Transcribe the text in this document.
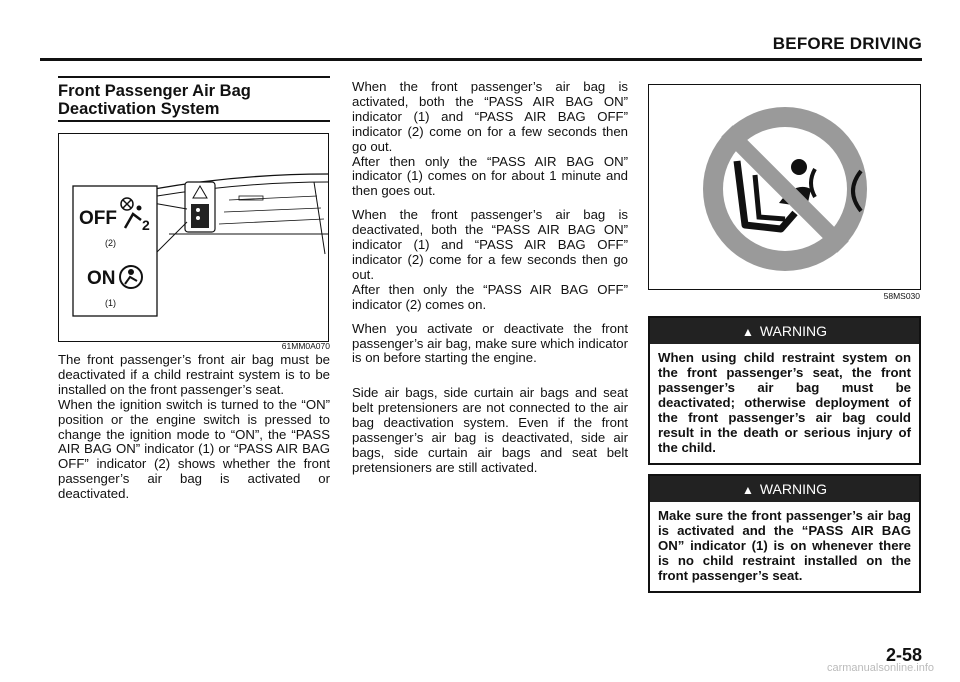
BEFORE DRIVING
Front Passenger Air Bag
Deactivation System
OFF 2
(2)
ON
(1)
61MM0A070

The front passenger’s front air bag must be deactivated if a child restraint system is to be installed on the front passenger’s seat.

When the ignition switch is turned to the “ON” position or the engine switch is pressed to change the ignition mode to “ON”, the “PASS AIR BAG ON” indicator (1) or “PASS AIR BAG OFF” indicator (2) shows whether the front passenger’s air bag is activated or deactivated.

When the front passenger’s air bag is activated, both the “PASS AIR BAG ON” indicator (1) and “PASS AIR BAG OFF” indicator (2) come on for a few seconds then go out.
After then only the “PASS AIR BAG ON” indicator (1) comes on for about 1 minute and then goes out.

When the front passenger’s air bag is deactivated, both the “PASS AIR BAG ON” indicator (1) and “PASS AIR BAG OFF” indicator (2) come for a few seconds then go out.
After then only the “PASS AIR BAG OFF” indicator (2) comes on.

When you activate or deactivate the front passenger’s air bag, make sure which indicator is on before starting the engine.

Side air bags, side curtain air bags and seat belt pretensioners are not connected to the air bag deactivation system. Even if the front passenger’s air bag is deactivated, side air bags, side curtain air bags and seat belt pretensioners are still activated.

58MS030
▲ WARNING
When using child restraint system on the front passenger’s seat, the front passenger’s air bag must be deactivated; otherwise deployment of the front passenger’s air bag could result in the death or serious injury of the child.
▲ WARNING
Make sure the front passenger’s air bag is activated and the “PASS AIR BAG ON” indicator (1) is on whenever there is no child restraint installed on the front passenger’s seat.
2-58
carmanualsonline.info
